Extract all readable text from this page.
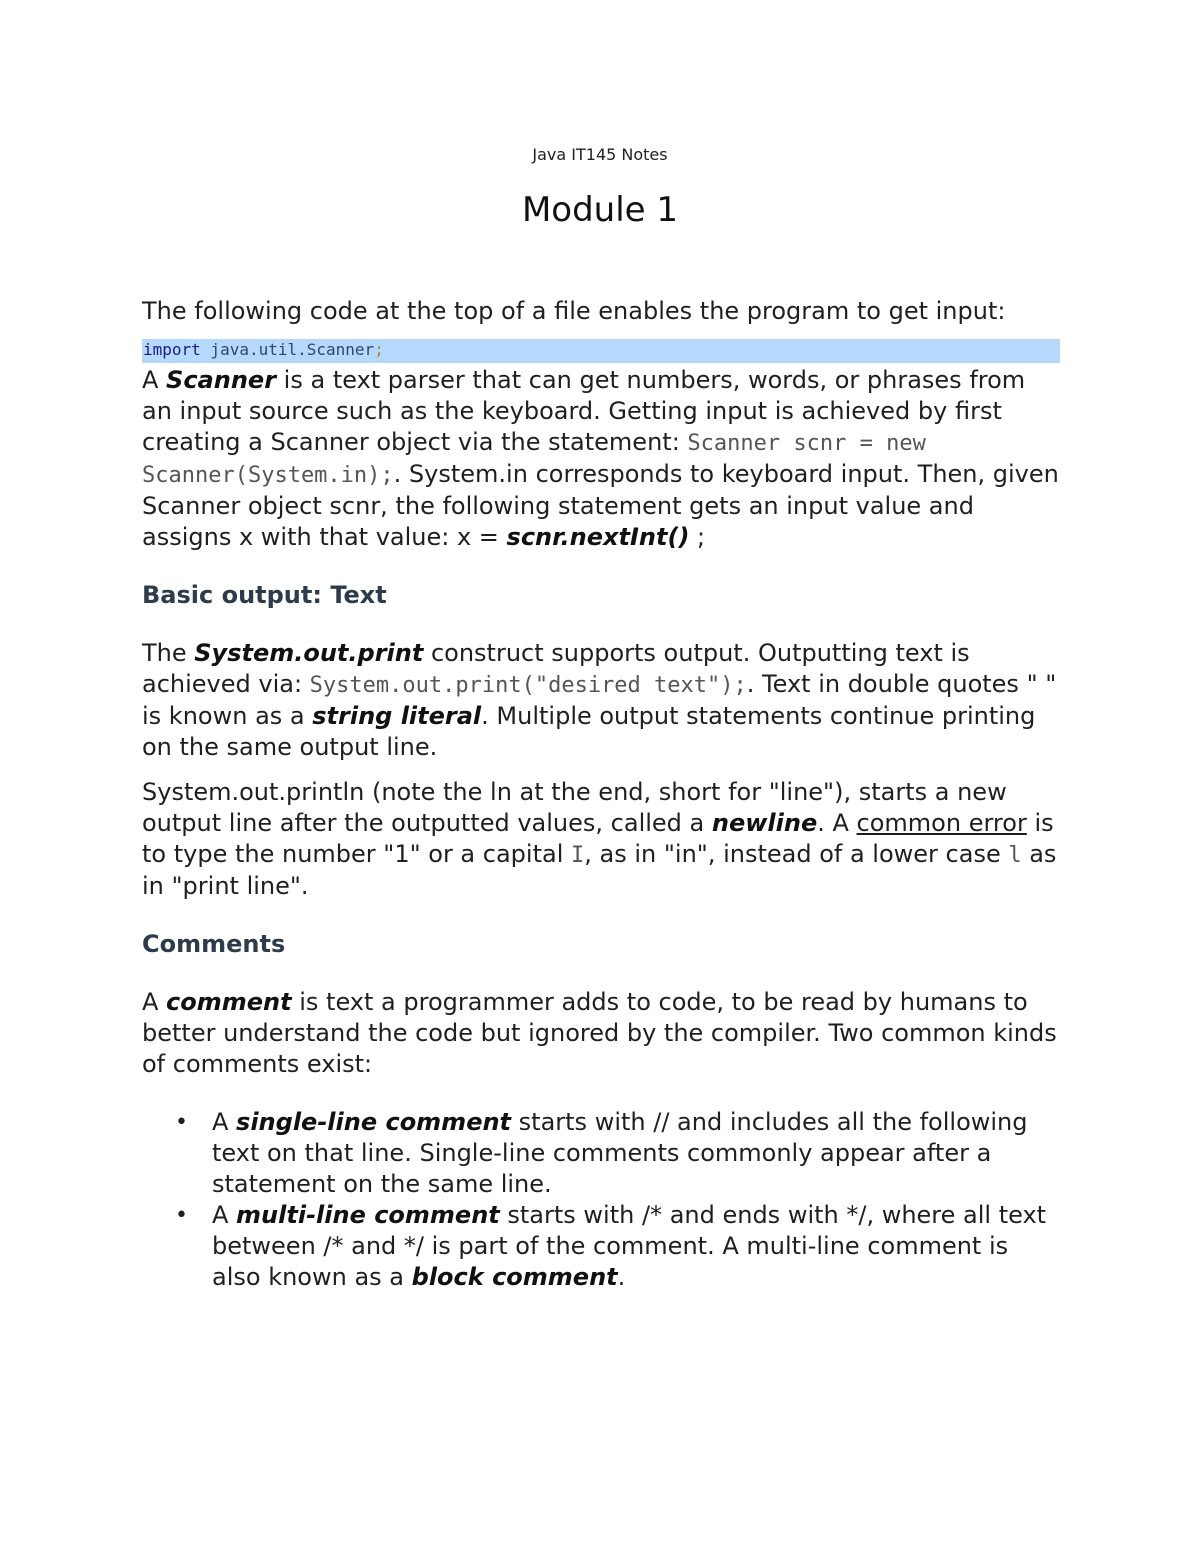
Java IT145 Notes
Module 1

The following code at the top of a file enables the program to get input:

import java.util.Scanner;

A Scanner is a text parser that can get numbers, words, or phrases from an input source such as the keyboard. Getting input is achieved by first creating a Scanner object via the statement: Scanner scnr = new Scanner(System.in);. System.in corresponds to keyboard input. Then, given Scanner object scnr, the following statement gets an input value and assigns x with that value: x = scnr.nextInt() ;

Basic output: Text

The System.out.print construct supports output. Outputting text is achieved via: System.out.print("desired text");. Text in double quotes " " is known as a string literal. Multiple output statements continue printing on the same output line.

System.out.println (note the ln at the end, short for "line"), starts a new output line after the outputted values, called a newline. A common error is to type the number "1" or a capital I, as in "in", instead of a lower case l as in "print line".

Comments

A comment is text a programmer adds to code, to be read by humans to better understand the code but ignored by the compiler. Two common kinds of comments exist:

• A single-line comment starts with // and includes all the following text on that line. Single-line comments commonly appear after a statement on the same line.
• A multi-line comment starts with /* and ends with */, where all text between /* and */ is part of the comment. A multi-line comment is also known as a block comment.
